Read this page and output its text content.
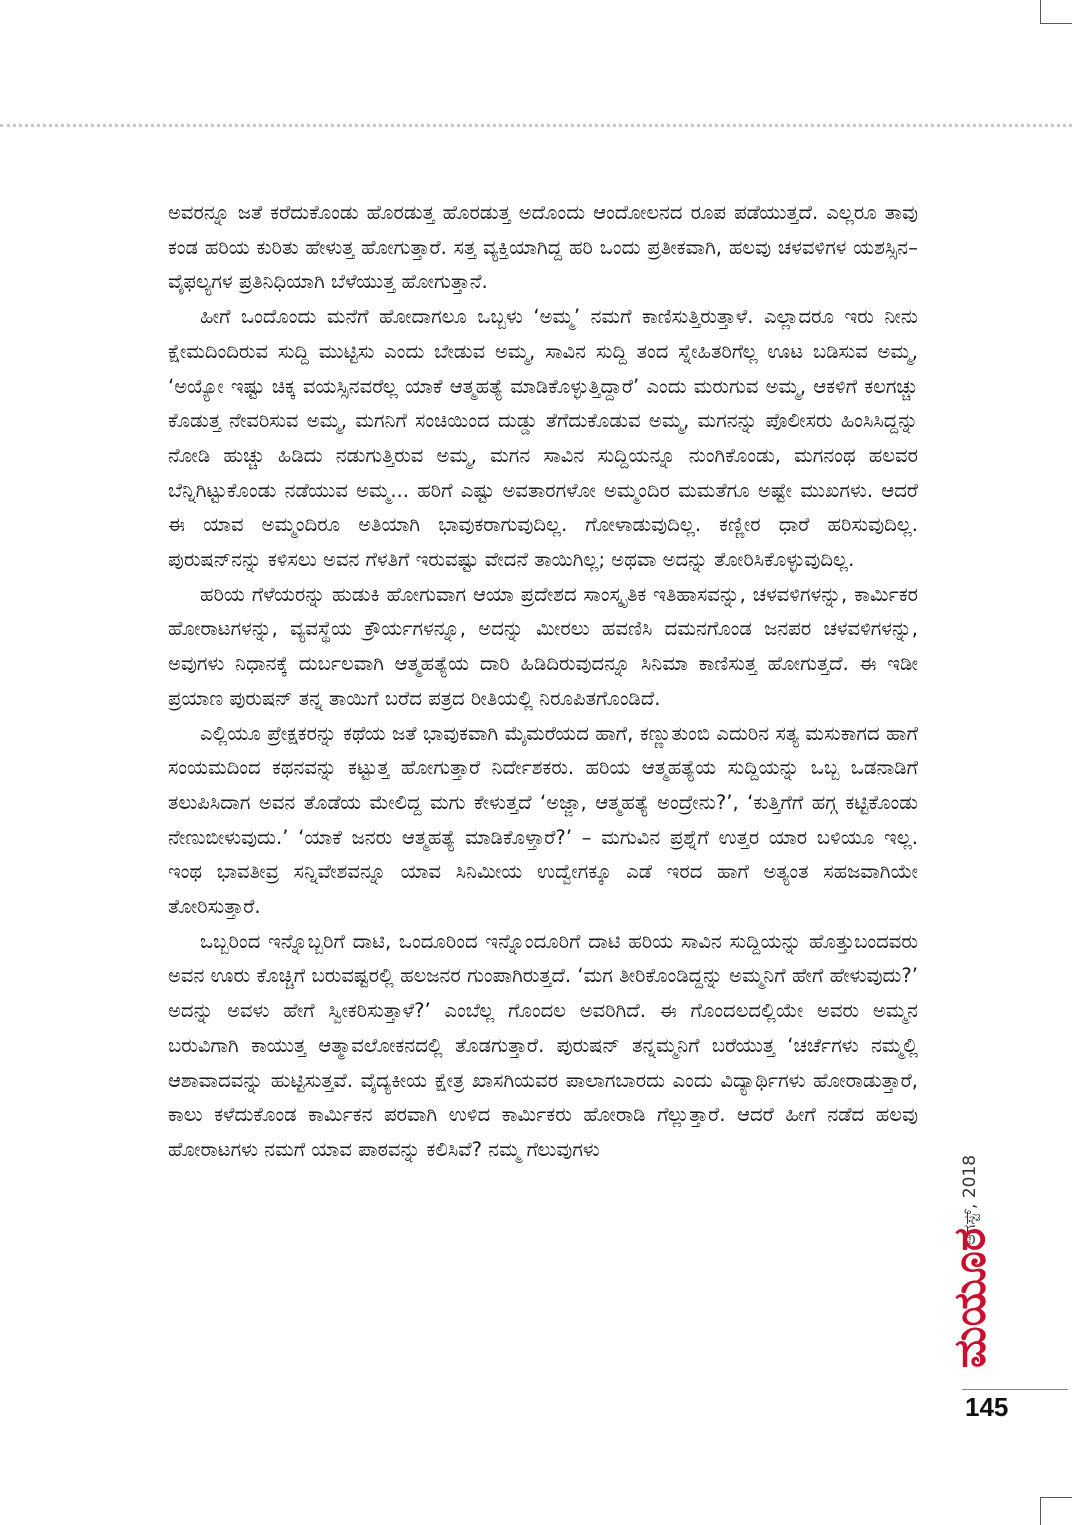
ಅವರನ್ನೂ ಜತೆ ಕರೆದುಕೊಂಡು ಹೊರಡುತ್ತ ಹೊರಡುತ್ತ ಅದೊಂದು ಆಂದೋಲನದ ರೂಪ ಪಡೆಯುತ್ತದೆ. ಎಲ್ಲರೂ ತಾವು ಕಂಡ ಹರಿಯ ಕುರಿತು ಹೇಳುತ್ತ ಹೋಗುತ್ತಾರೆ. ಸತ್ತ ವ್ಯಕ್ತಿಯಾಗಿದ್ದ ಹರಿ ಒಂದು ಪ್ರತೀಕವಾಗಿ, ಹಲವು ಚಳವಳಿಗಳ ಯಶಸ್ಸಿನ–ವೈಫಲ್ಯಗಳ ಪ್ರತಿನಿಧಿಯಾಗಿ ಬೆಳೆಯುತ್ತ ಹೋಗುತ್ತಾನೆ.

ಹೀಗೆ ಒಂದೊಂದು ಮನೆಗೆ ಹೋದಾಗಲೂ ಒಬ್ಬಳು ‘ಅಮ್ಮ’ ನಮಗೆ ಕಾಣಿಸುತ್ತಿರುತ್ತಾಳೆ. ಎಲ್ಲಾದರೂ ಇರು ನೀನು ಕ್ಷೇಮದಿಂದಿರುವ ಸುದ್ದಿ ಮುಟ್ಟಿಸು ಎಂದು ಬೇಡುವ ಅಮ್ಮ, ಸಾವಿನ ಸುದ್ದಿ ತಂದ ಸ್ನೇಹಿತರಿಗೆಲ್ಲ ಊಟ ಬಡಿಸುವ ಅಮ್ಮ, ‘ಅಯ್ಯೋ ಇಷ್ಟು ಚಿಕ್ಕ ವಯಸ್ಸಿನವರೆಲ್ಲ ಯಾಕೆ ಆತ್ಮಹತ್ಯೆ ಮಾಡಿಕೊಳ್ಳುತ್ತಿದ್ದಾರೆ’ ಎಂದು ಮರುಗುವ ಅಮ್ಮ, ಆಕಳಿಗೆ ಕಲಗಚ್ಚು ಕೊಡುತ್ತ ನೇವರಿಸುವ ಅಮ್ಮ, ಮಗನಿಗೆ ಸಂಚಿಯಿಂದ ದುಡ್ಡು ತೆಗೆದುಕೊಡುವ ಅಮ್ಮ, ಮಗನನ್ನು ಪೊಲೀಸರು ಹಿಂಸಿಸಿದ್ದನ್ನು ನೋಡಿ ಹುಚ್ಚು ಹಿಡಿದು ನಡುಗುತ್ತಿರುವ ಅಮ್ಮ, ಮಗನ ಸಾವಿನ ಸುದ್ದಿಯನ್ನೂ ನುಂಗಿಕೊಂಡು, ಮಗನಂಥ ಹಲವರ ಬೆನ್ನಿಗಿಟ್ಟುಕೊಂಡು ನಡೆಯುವ ಅಮ್ಮ... ಹರಿಗೆ ಎಷ್ಟು ಅವತಾರಗಳೋ ಅಮ್ಮಂದಿರ ಮಮತೆಗೂ ಅಷ್ಟೇ ಮುಖಗಳು. ಆದರೆ ಈ ಯಾವ ಅಮ್ಮಂದಿರೂ ಅತಿಯಾಗಿ ಭಾವುಕರಾಗುವುದಿಲ್ಲ. ಗೋಳಾಡುವುದಿಲ್ಲ. ಕಣ್ಣೀರ ಧಾರೆ ಹರಿಸುವುದಿಲ್ಲ. ಪುರುಷನ್‌ನನ್ನು ಕಳಿಸಲು ಅವನ ಗೆಳತಿಗೆ ಇರುವಷ್ಟು ವೇದನೆ ತಾಯಿಗಿಲ್ಲ; ಅಥವಾ ಅದನ್ನು ತೋರಿಸಿಕೊಳ್ಳುವುದಿಲ್ಲ.

ಹರಿಯ ಗೆಳೆಯರನ್ನು ಹುಡುಕಿ ಹೋಗುವಾಗ ಆಯಾ ಪ್ರದೇಶದ ಸಾಂಸ್ಕೃತಿಕ ಇತಿಹಾಸವನ್ನು, ಚಳವಳಿಗಳನ್ನು, ಕಾರ್ಮಿಕರ ಹೋರಾಟಗಳನ್ನು, ವ್ಯವಸ್ಥೆಯ ಕ್ರೌರ್ಯಗಳನ್ನೂ, ಅದನ್ನು ಮೀರಲು ಹವಣಿಸಿ ದಮನಗೊಂಡ ಜನಪರ ಚಳವಳಿಗಳನ್ನು, ಅವುಗಳು ನಿಧಾನಕ್ಕೆ ದುರ್ಬಲವಾಗಿ ಆತ್ಮಹತ್ಯೆಯ ದಾರಿ ಹಿಡಿದಿರುವುದನ್ನೂ ಸಿನಿಮಾ ಕಾಣಿಸುತ್ತ ಹೋಗುತ್ತದೆ. ಈ ಇಡೀ ಪ್ರಯಾಣ ಪುರುಷನ್ ತನ್ನ ತಾಯಿಗೆ ಬರೆದ ಪತ್ರದ ರೀತಿಯಲ್ಲಿ ನಿರೂಪಿತಗೊಂಡಿದೆ.

ಎಲ್ಲಿಯೂ ಪ್ರೇಕ್ಷಕರನ್ನು ಕಥೆಯ ಜತೆ ಭಾವುಕವಾಗಿ ಮೈಮರೆಯದ ಹಾಗೆ, ಕಣ್ಣುತುಂಬಿ ಎದುರಿನ ಸತ್ಯ ಮಸುಕಾಗದ ಹಾಗೆ ಸಂಯಮದಿಂದ ಕಥನವನ್ನು ಕಟ್ಟುತ್ತ ಹೋಗುತ್ತಾರೆ ನಿರ್ದೇಶಕರು. ಹರಿಯ ಆತ್ಮಹತ್ಯೆಯ ಸುದ್ದಿಯನ್ನು ಒಬ್ಬ ಒಡನಾಡಿಗೆ ತಲುಪಿಸಿದಾಗ ಅವನ ತೊಡೆಯ ಮೇಲಿದ್ದ ಮಗು ಕೇಳುತ್ತದೆ ‘ಅಜ್ಜಾ, ಆತ್ಮಹತ್ಯೆ ಅಂದ್ರೇನು?’, ‘ಕುತ್ತಿಗೆಗೆ ಹಗ್ಗ ಕಟ್ಟಿಕೊಂಡು ನೇಣುಬೀಳುವುದು.’ ‘ಯಾಕೆ ಜನರು ಆತ್ಮಹತ್ಯೆ ಮಾಡಿಕೊಳ್ತಾರೆ?’ – ಮಗುವಿನ ಪ್ರಶ್ನೆಗೆ ಉತ್ತರ ಯಾರ ಬಳಿಯೂ ಇಲ್ಲ. ಇಂಥ ಭಾವತೀವ್ರ ಸನ್ನಿವೇಶವನ್ನೂ ಯಾವ ಸಿನಿಮೀಯ ಉದ್ವೇಗಕ್ಕೂ ಎಡೆ ಇರದ ಹಾಗೆ ಅತ್ಯಂತ ಸಹಜವಾಗಿಯೇ ತೋರಿಸುತ್ತಾರೆ.

ಒಬ್ಬರಿಂದ ಇನ್ನೊಬ್ಬರಿಗೆ ದಾಟಿ, ಒಂದೂರಿಂದ ಇನ್ನೊಂದೂರಿಗೆ ದಾಟಿ ಹರಿಯ ಸಾವಿನ ಸುದ್ದಿಯನ್ನು ಹೊತ್ತುಬಂದವರು ಅವನ ಊರು ಕೊಚ್ಚಿಗೆ ಬರುವಷ್ಟರಲ್ಲಿ ಹಲಜನರ ಗುಂಪಾಗಿರುತ್ತದೆ. ‘ಮಗ ತೀರಿಕೊಂಡಿದ್ದನ್ನು ಅಮ್ಮನಿಗೆ ಹೇಗೆ ಹೇಳುವುದು?’ ಅದನ್ನು ಅವಳು ಹೇಗೆ ಸ್ವೀಕರಿಸುತ್ತಾಳೆ?’ ಎಂಬೆಲ್ಲ ಗೊಂದಲ ಅವರಿಗಿದೆ. ಈ ಗೊಂದಲದಲ್ಲಿಯೇ ಅವರು ಅಮ್ಮನ ಬರುವಿಗಾಗಿ ಕಾಯುತ್ತ ಆತ್ಮಾವಲೋಕನದಲ್ಲಿ ತೊಡಗುತ್ತಾರೆ. ಪುರುಷನ್ ತನ್ನಮ್ಮನಿಗೆ ಬರೆಯುತ್ತ ‘ಚರ್ಚೆಗಳು ನಮ್ಮಲ್ಲಿ ಆಶಾವಾದವನ್ನು ಹುಟ್ಟಿಸುತ್ತವೆ. ವೈದ್ಯಕೀಯ ಕ್ಷೇತ್ರ ಖಾಸಗಿಯವರ ಪಾಲಾಗಬಾರದು ಎಂದು ವಿದ್ಯಾರ್ಥಿಗಳು ಹೋರಾಡುತ್ತಾರೆ, ಕಾಲು ಕಳೆದುಕೊಂಡ ಕಾರ್ಮಿಕನ ಪರವಾಗಿ ಉಳಿದ ಕಾರ್ಮಿಕರು ಹೋರಾಡಿ ಗೆಲ್ಲುತ್ತಾರೆ. ಆದರೆ ಹೀಗೆ ನಡೆದ ಹಲವು ಹೋರಾಟಗಳು ನಮಗೆ ಯಾವ ಪಾಠವನ್ನು ಕಲಿಸಿವೆ? ನಮ್ಮ ಗೆಲುವುಗಳು

ಆಗಸ್ಟ್, 2018
ಮಯೂರ
145
